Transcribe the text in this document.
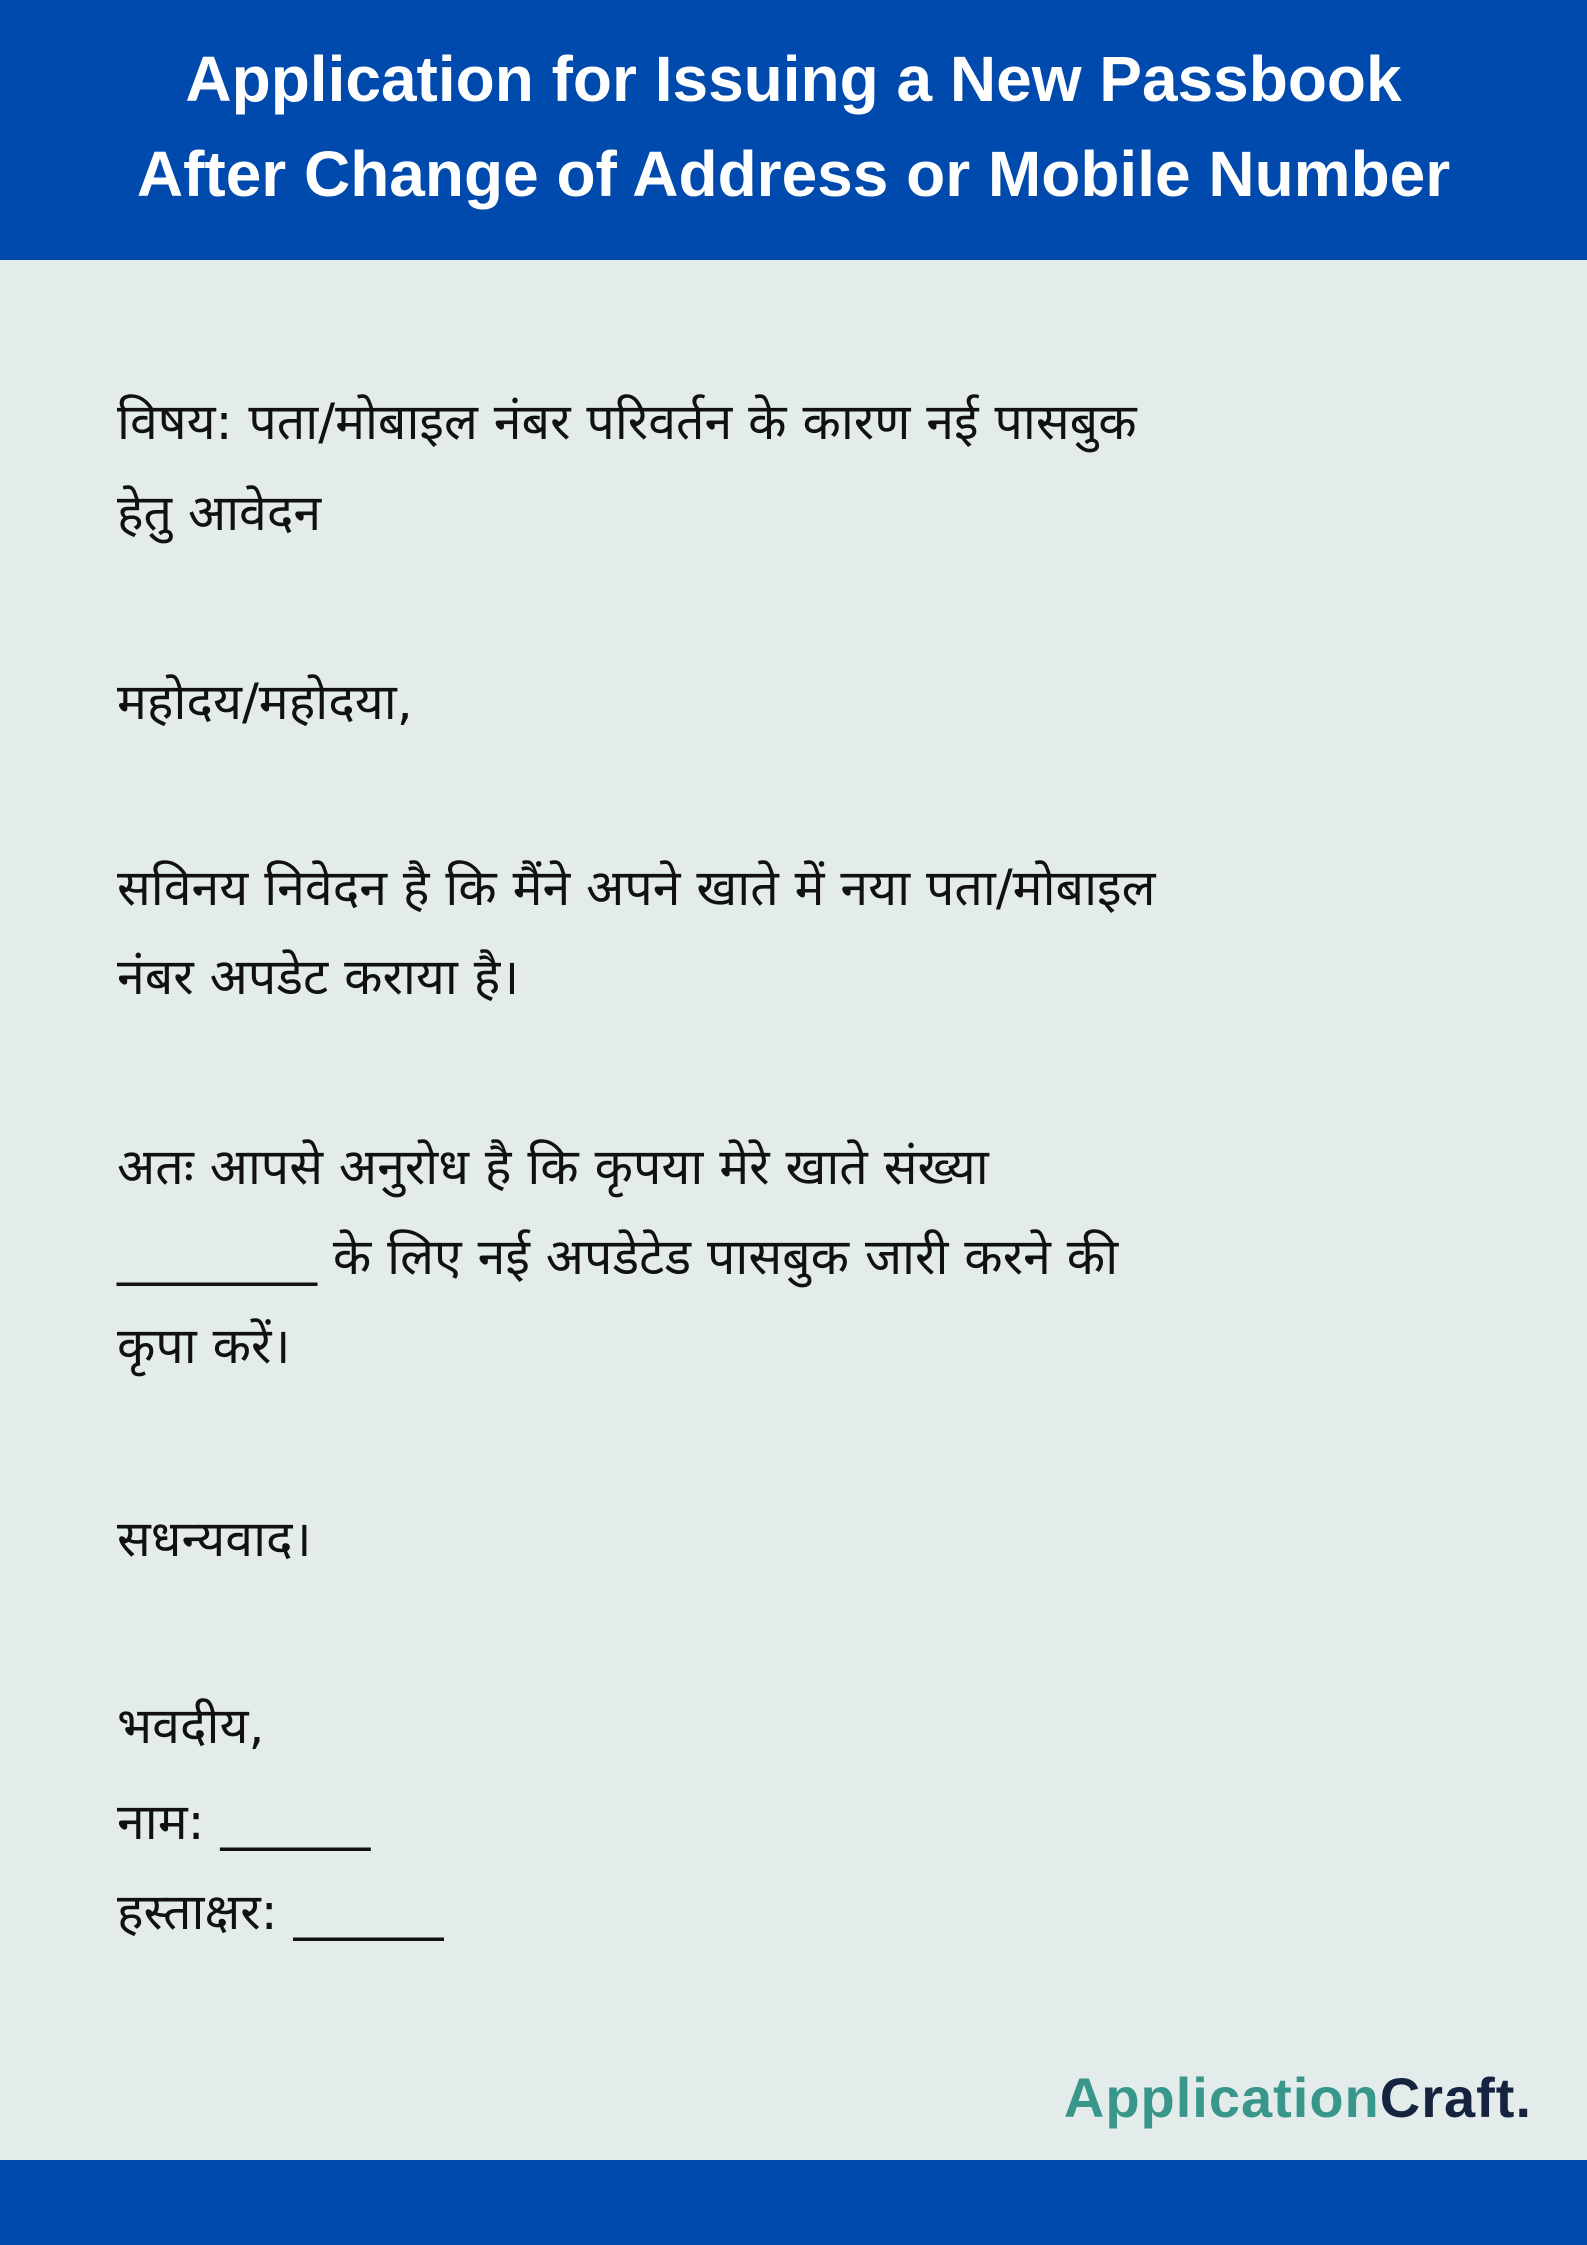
Application for Issuing a New Passbook
After Change of Address or Mobile Number
विषय: पता/मोबाइल नंबर परिवर्तन के कारण नई पासबुक
हेतु आवेदन
महोदय/महोदया,
सविनय निवेदन है कि मैंने अपने खाते में नया पता/मोबाइल
नंबर अपडेट कराया है।
अतः आपसे अनुरोध है कि कृपया मेरे खाते संख्या
________ के लिए नई अपडेटेड पासबुक जारी करने की
कृपा करें।
सधन्यवाद।
भवदीय,
नाम: ______
हस्ताक्षर: ______
ApplicationCraft.
